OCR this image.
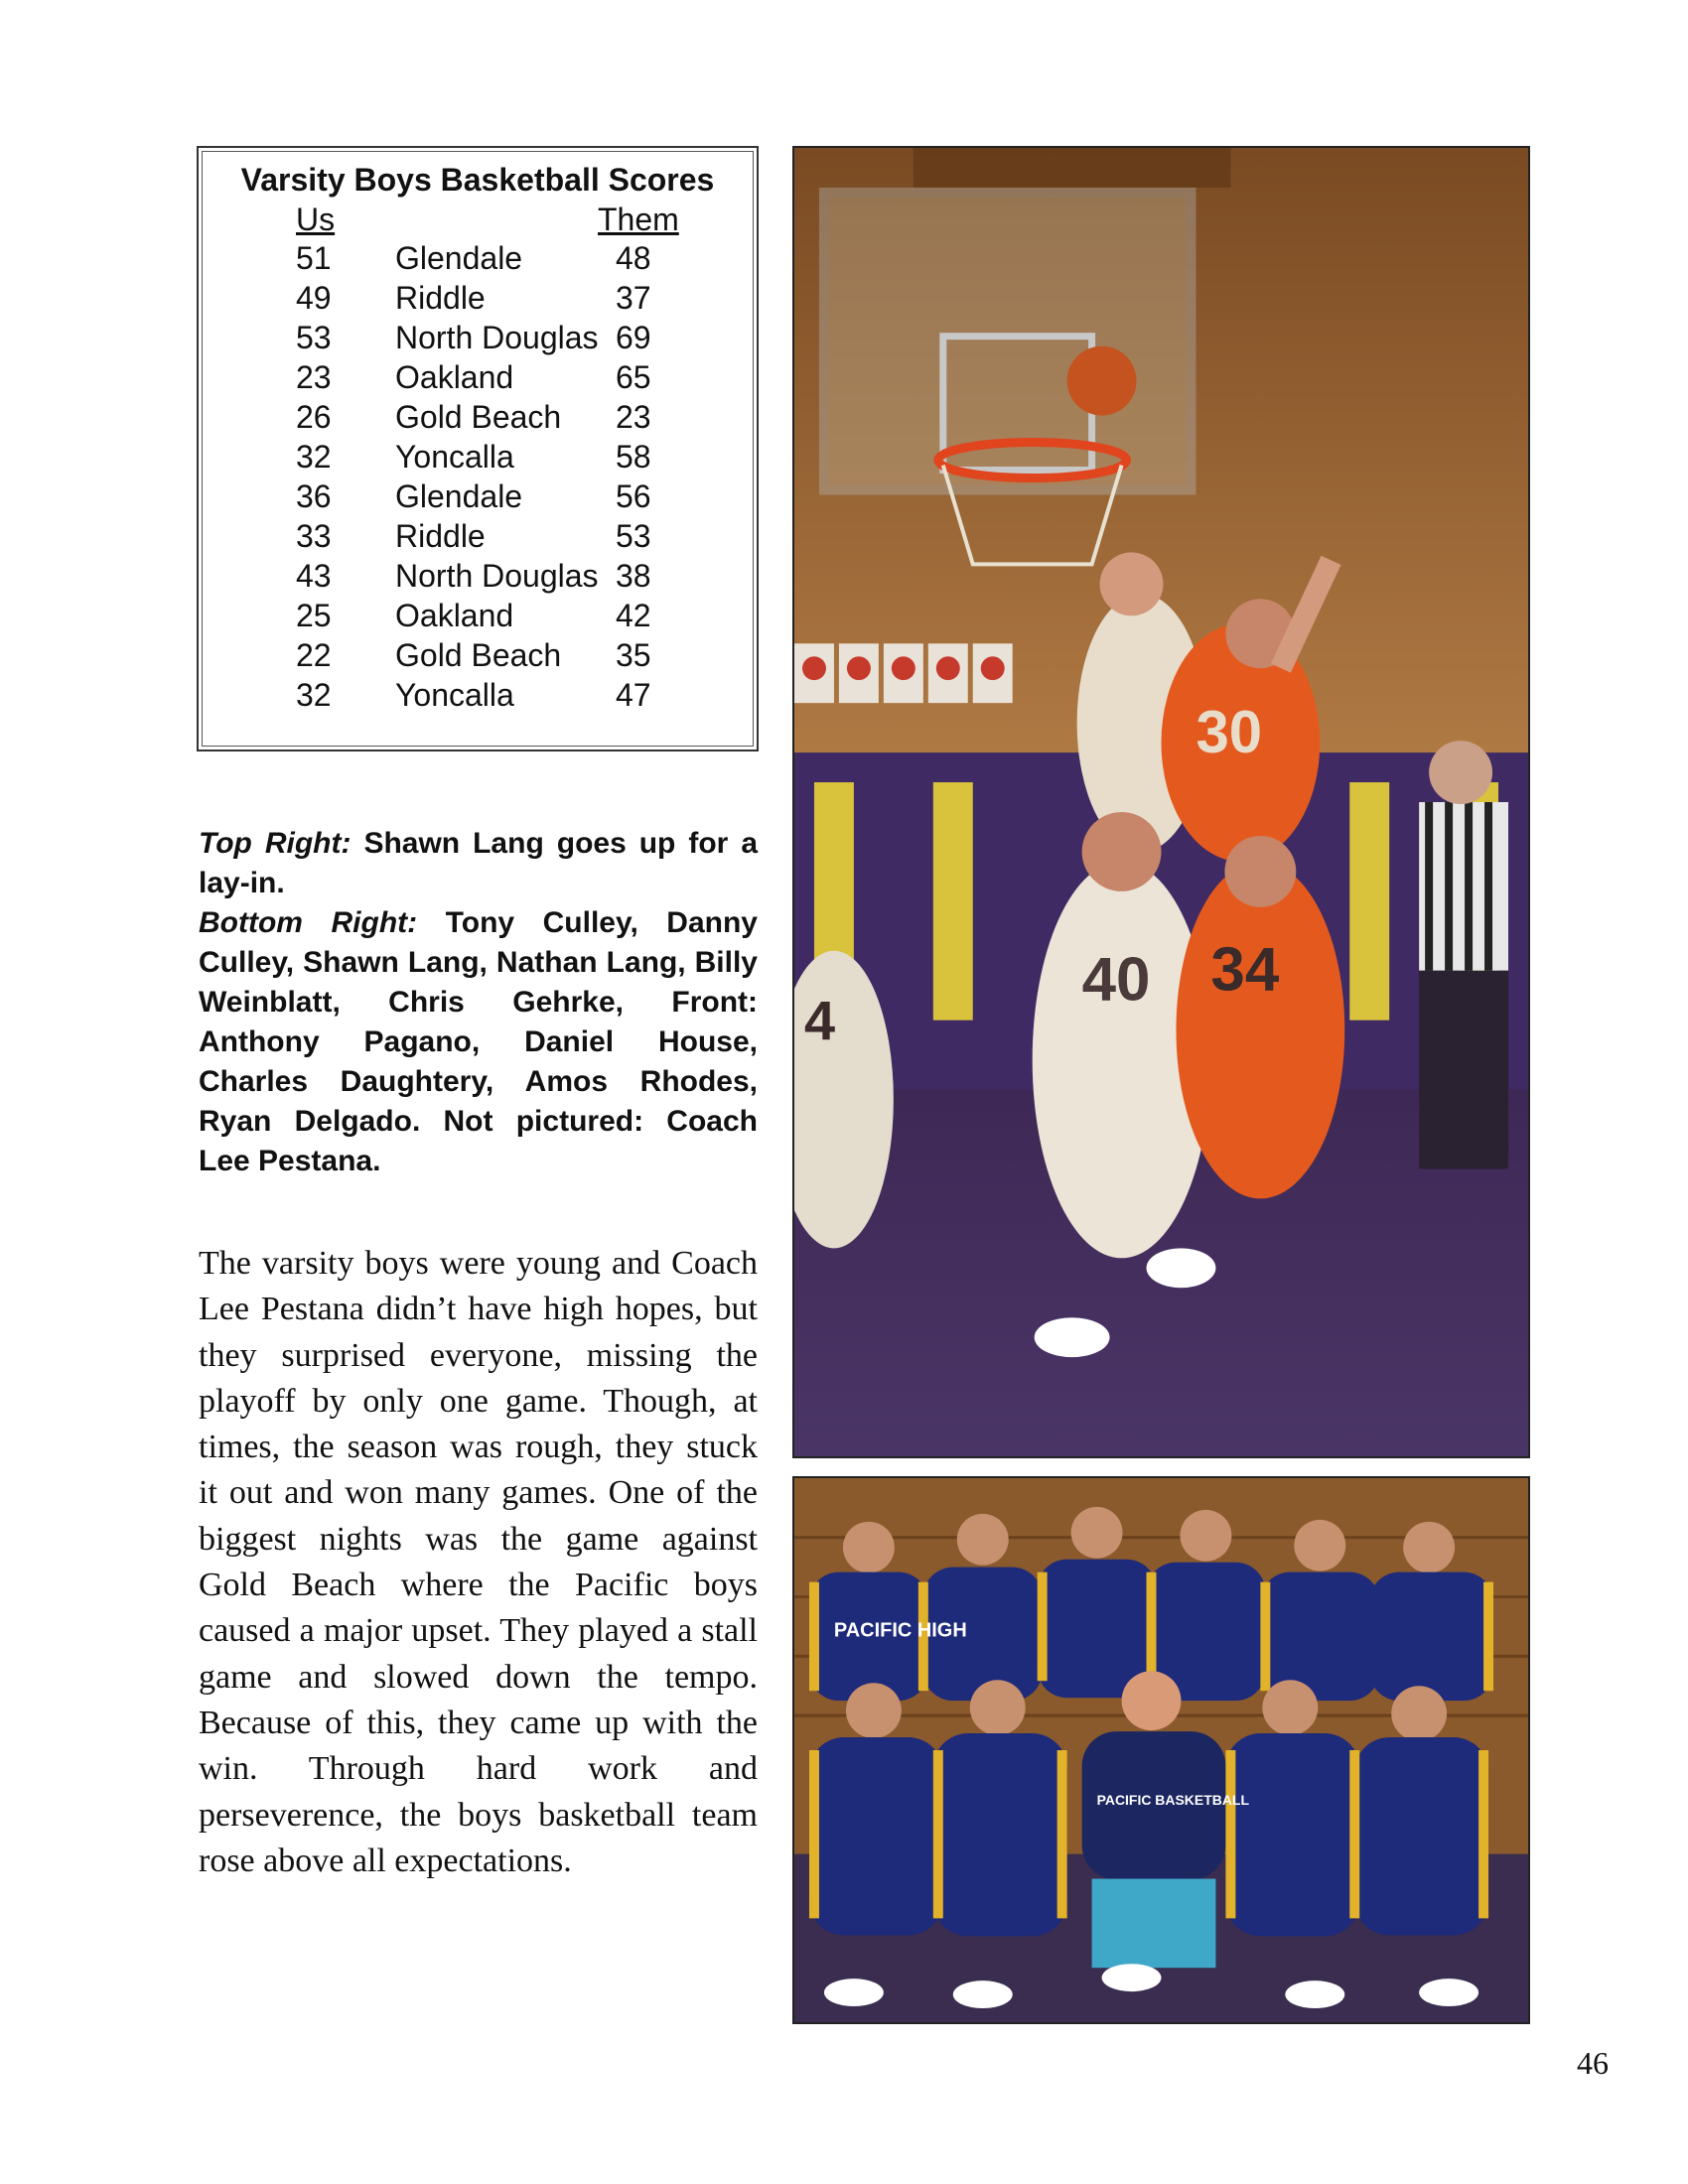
Varsity Boys Basketball Scores
Us	Them
51 Glendale	48
49 Riddle	37
53 North Douglas 69
23 Oakland	65
26 Gold Beach 23
32 Yoncalla	58
36 Glendale	56
33 Riddle	53
43 North Douglas 38
25 Oakland	42
22 Gold Beach 35
32 Yoncalla	47
Top Right: Shawn Lang goes up for a lay-in.
Bottom Right: Tony Culley, Danny Culley, Shawn Lang, Nathan Lang, Billy Weinblatt, Chris Gehrke, Front: Anthony Pagano, Daniel House, Charles Daughtery, Amos Rhodes, Ryan Delgado. Not pictured: Coach Lee Pestana.
The varsity boys were young and Coach Lee Pestana didn’t have high hopes, but they surprised everyone, missing the playoff by only one game. Though, at times, the season was rough, they stuck it out and won many games. One of the biggest nights was the game against Gold Beach where the Pacific boys caused a major upset. They played a stall game and slowed down the tempo. Because of this, they came up with the win. Through hard work and perseverence, the boys basketball team rose above all expectations.
30
40 34
4
PACIFIC HIGH
PACIFIC BASKETBALL
46
